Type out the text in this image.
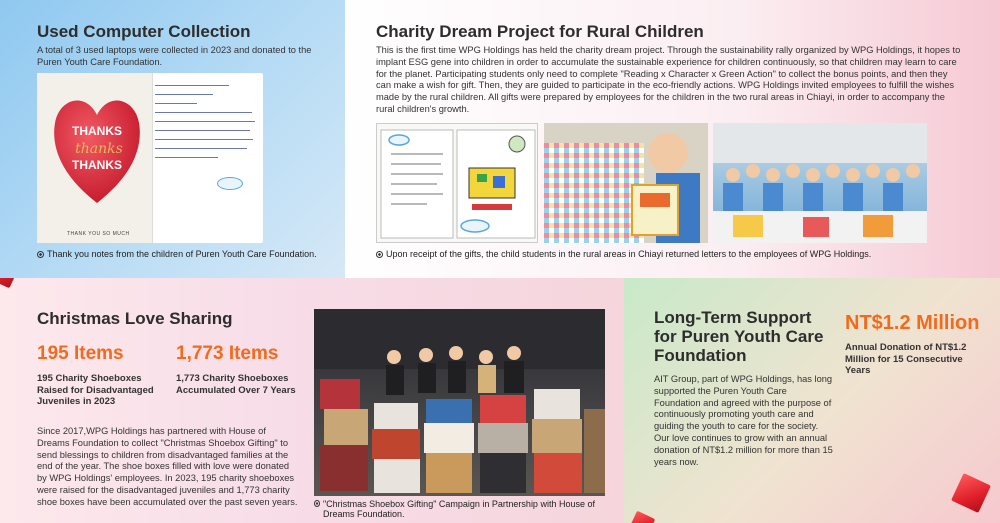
Used Computer Collection

A total of 3 used laptops were collected in 2023 and donated to the Puren Youth Care Foundation.

THANKS
thanks
THANKS
THANK YOU SO MUCH
Thank you notes from the children of Puren Youth Care Foundation.
Charity Dream Project for Rural Children

This is the first time WPG Holdings has held the charity dream project. Through the sustainability rally organized by WPG Holdings, it hopes to implant ESG gene into children in order to accumulate the sustainable experience for children continuously, so that children may learn to care for the planet. Participating students only need to complete "Reading x Character x Green Action" to collect the bonus points, and then they can make a wish for gift. Then, they are guided to participate in the eco-friendly actions. WPG Holdings invited employees to fulfill the wishes made by the rural children. All gifts were prepared by employees for the children in the two rural areas in Chiayi, in order to accompany the rural children's growth.

Upon receipt of the gifts, the child students in the rural areas in Chiayi returned letters to the employees of WPG Holdings.
Christmas Love Sharing
195 Items
195 Charity Shoeboxes Raised for Disadvantaged Juveniles in 2023
1,773 Items
1,773 Charity Shoeboxes Accumulated Over 7 Years

Since 2017,WPG Holdings has partnered with House of Dreams Foundation to collect "Christmas Shoebox Gifting" to send blessings to children from disadvantaged families at the end of the year. The shoe boxes filled with love were donated by WPG Holdings' employees. In 2023, 195 charity shoeboxes were raised for the disadvantaged juveniles and 1,773 charity shoe boxes have been accumulated over the past seven years.	"Christmas Shoebox Gifting" Campaign in Partnership with House of Dreams Foundation.
Long-Term Support for Puren Youth Care Foundation

AIT Group, part of WPG Holdings, has long supported the Puren Youth Care Foundation and agreed with the purpose of continuously promoting youth care and guiding the youth to care for the society. Our love continues to grow with an annual donation of NT$1.2 million for more than 15 years now.

NT$1.2 Million
Annual Donation of NT$1.2 Million for 15 Consecutive Years
